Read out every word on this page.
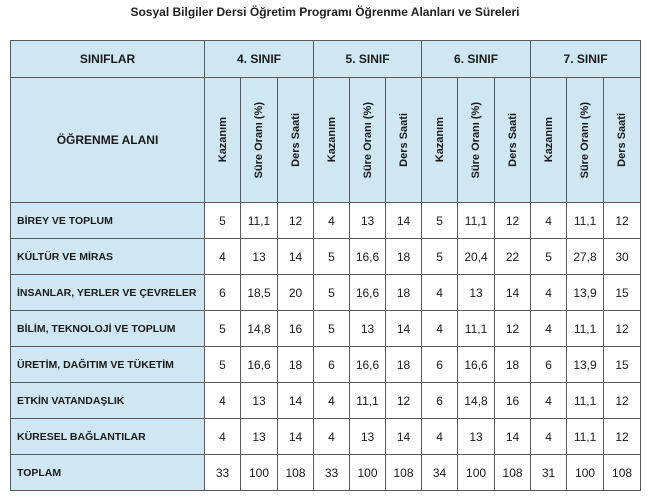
Sosyal Bilgiler Dersi Öğretim Programı Öğrenme Alanları ve Süreleri
SINIFLAR	4. SINIF			5. SINIF			6. SINIF			7. SINIF		
ÖĞRENME ALANI	Kazanım	Süre Oranı (%)	Ders Saati	Kazanım	Süre Oranı (%)	Ders Saati	Kazanım	Süre Oranı (%)	Ders Saati	Kazanım	Süre Oranı (%)	Ders Saati

BİREY VE TOPLUM	5	11,1	12	4	13	14	5	11,1	12	4	11,1	12
KÜLTÜR VE MİRAS	4	13	14	5	16,6	18	5	20,4	22	5	27,8	30
İNSANLAR, YERLER VE ÇEVRELER	6	18,5	20	5	16,6	18	4	13	14	4	13,9	15
BİLİM, TEKNOLOJİ VE TOPLUM	5	14,8	16	5	13	14	4	11,1	12	4	11,1	12
ÜRETİM, DAĞITIM VE TÜKETİM	5	16,6	18	6	16,6	18	6	16,6	18	6	13,9	15
ETKİN VATANDAŞLIK	4	13	14	4	11,1	12	6	14,8	16	4	11,1	12
KÜRESEL BAĞLANTILAR	4	13	14	4	13	14	4	13	14	4	11,1	12
TOPLAM	33	100	108	33	100	108	34	100	108	31	100	108
